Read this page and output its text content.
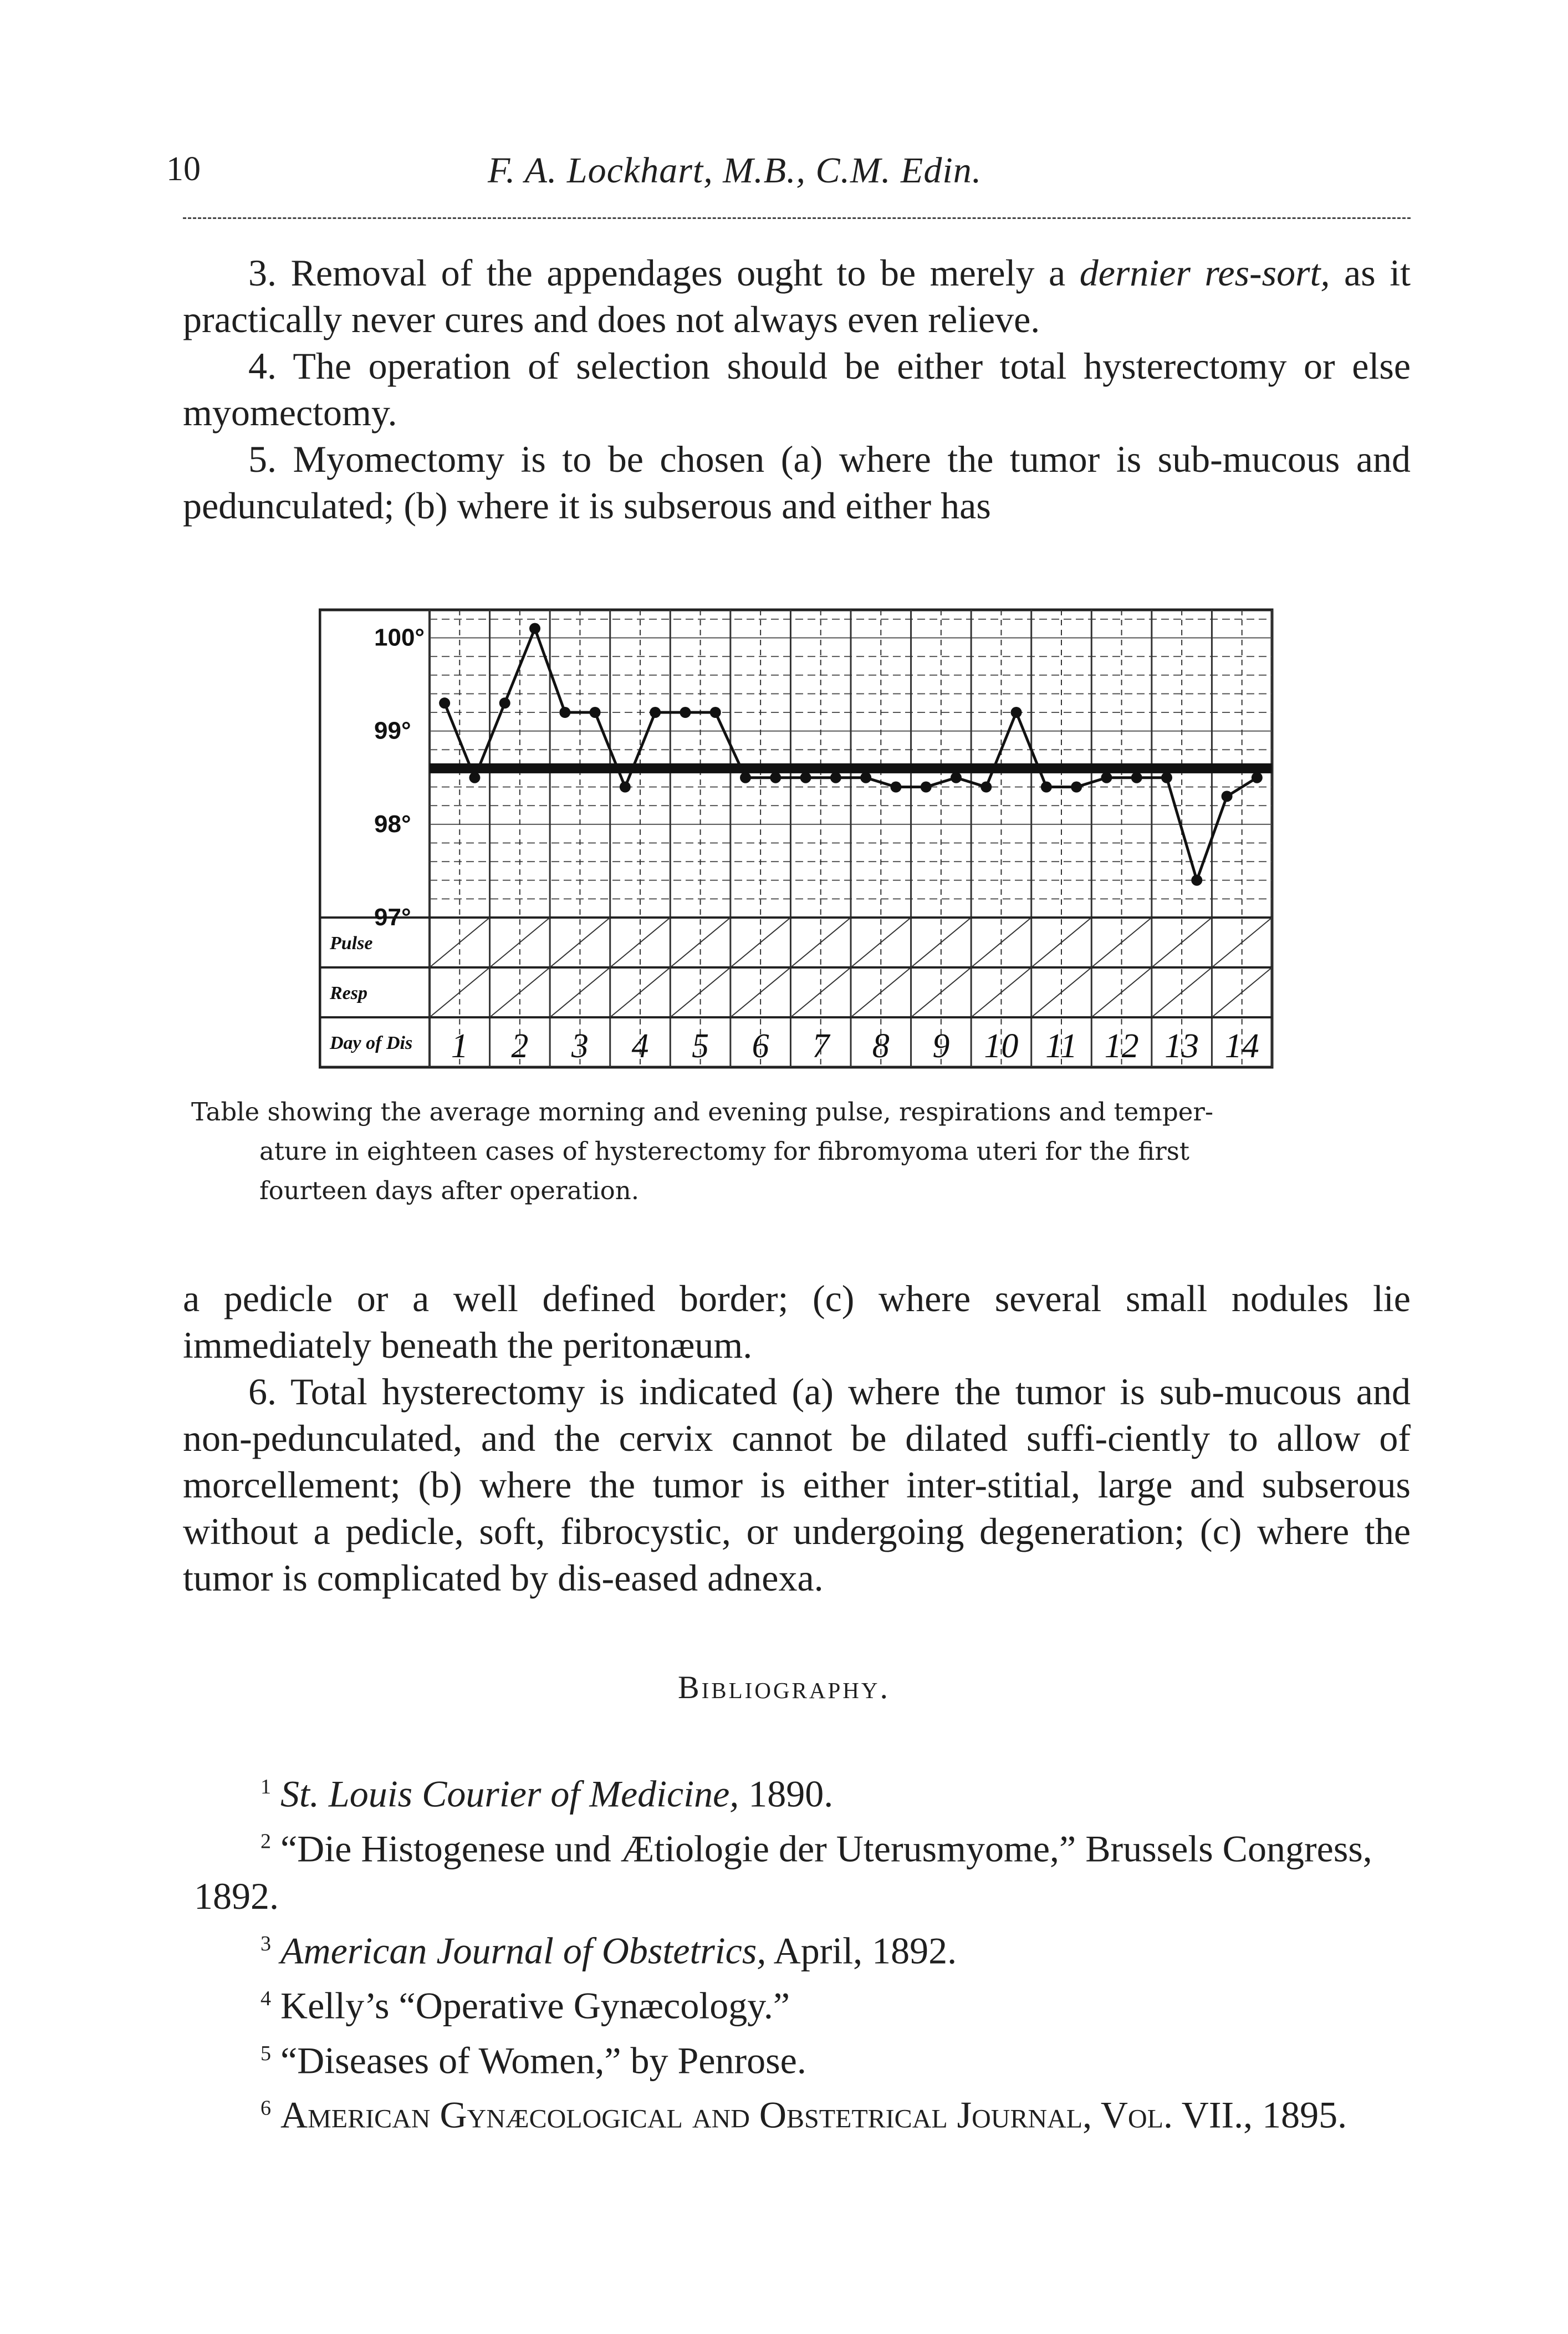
10	F. A. Lockhart, M.B., C.M. Edin.

3. Removal of the appendages ought to be merely a dernier res-sort, as it practically never cures and does not always even relieve.

4. The operation of selection should be either total hysterectomy or else myomectomy.

5. Myomectomy is to be chosen (a) where the tumor is sub-mucous and pedunculated; (b) where it is subserous and either has

100°
99°
98°
97°
Pulse
Resp
Day of Dis 1 2 3 4 5 6 7 8 9 10 11 12 13 14
Table showing the average morning and evening pulse, respirations and temper-
ature in eighteen cases of hysterectomy for fibromyoma uteri for the first
fourteen days after operation.

a pedicle or a well defined border; (c) where several small nodules lie immediately beneath the peritonæum.

6. Total hysterectomy is indicated (a) where the tumor is sub-mucous and non-pedunculated, and the cervix cannot be dilated suffi-ciently to allow of morcellement; (b) where the tumor is either inter-stitial, large and subserous without a pedicle, soft, fibrocystic, or undergoing degeneration; (c) where the tumor is complicated by dis-eased adnexa.

Bibliography.
$^1$ St. Louis Courier of Medicine, 1890.
$^2$ “Die Histogenese und Ætiologie der Uterusmyome,” Brussels Congress, 1892.
$^3$ American Journal of Obstetrics, April, 1892.
$^4$ Kelly’s “Operative Gynæcology.”
$^5$ “Diseases of Women,” by Penrose.
$^6$ American Gynæcological and Obstetrical Journal, Vol. VII., 1895.
